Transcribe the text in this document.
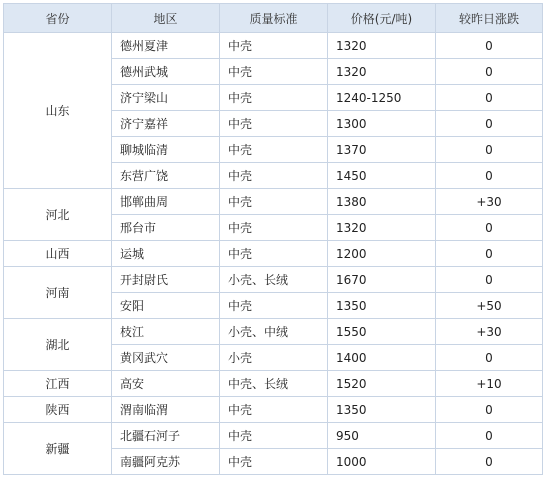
省份	地区	质量标准	价格(元/吨)	较昨日涨跌
山东	德州夏津	中壳	1320	0
	德州武城	中壳	1320	0
	济宁梁山	中壳	1240-1250	0
	济宁嘉祥	中壳	1300	0
	聊城临清	中壳	1370	0
	东营广饶	中壳	1450	0
河北	邯郸曲周	中壳	1380	+30
	邢台市	中壳	1320	0
山西	运城	中壳	1200	0
河南	开封尉氏	小壳、长绒	1670	0
	安阳	中壳	1350	+50
湖北	枝江	小壳、中绒	1550	+30
	黄冈武穴	小壳	1400	0
江西	高安	中壳、长绒	1520	+10
陕西	渭南临渭	中壳	1350	0
新疆	北疆石河子	中壳	950	0
	南疆阿克苏	中壳	1000	0
